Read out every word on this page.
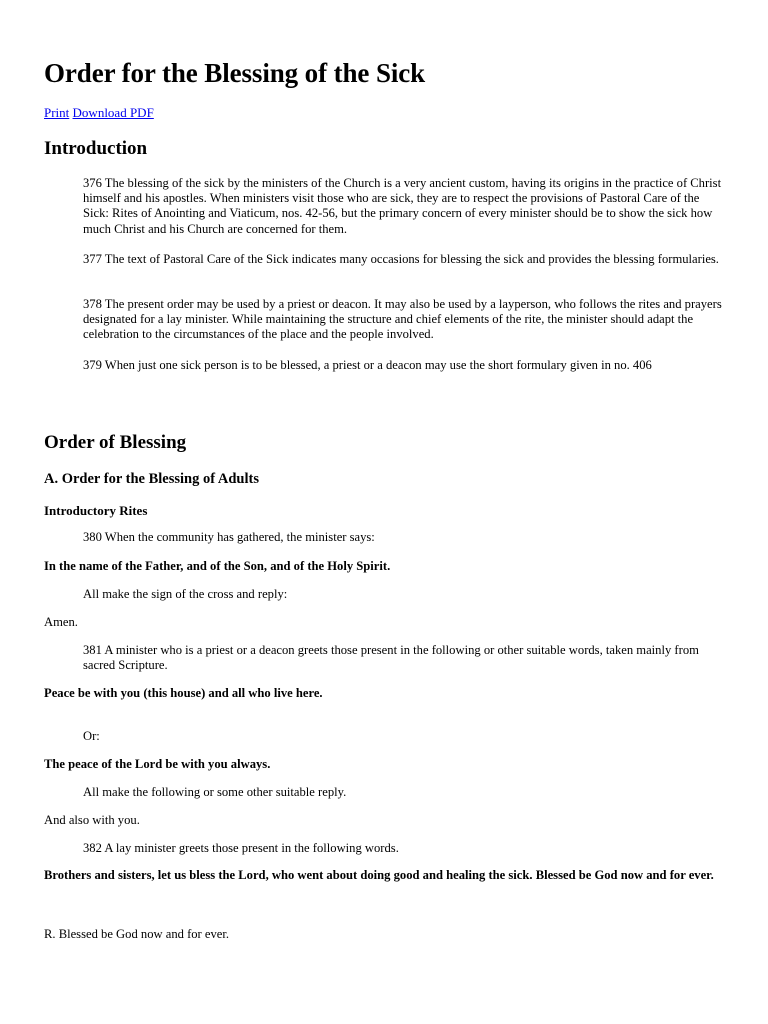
Order for the Blessing of the Sick
Print Download PDF
Introduction

376 The blessing of the sick by the ministers of the Church is a very ancient custom, having its origins in the practice of Christ himself and his apostles. When ministers visit those who are sick, they are to respect the provisions of Pastoral Care of the Sick: Rites of Anointing and Viaticum, nos. 42-56, but the primary concern of every minister should be to show the sick how much Christ and his Church are concerned for them.

377 The text of Pastoral Care of the Sick indicates many occasions for blessing the sick and provides the blessing formularies.

378 The present order may be used by a priest or deacon. It may also be used by a layperson, who follows the rites and prayers designated for a lay minister. While maintaining the structure and chief elements of the rite, the minister should adapt the celebration to the circumstances of the place and the people involved.

379 When just one sick person is to be blessed, a priest or a deacon may use the short formulary given in no. 406

Order of Blessing
A. Order for the Blessing of Adults
Introductory Rites

380 When the community has gathered, the minister says:

In the name of the Father, and of the Son, and of the Holy Spirit.

All make the sign of the cross and reply:

Amen.

381 A minister who is a priest or a deacon greets those present in the following or other suitable words, taken mainly from sacred Scripture.

Peace be with you (this house) and all who live here.

Or:

The peace of the Lord be with you always.

All make the following or some other suitable reply.

And also with you.

382 A lay minister greets those present in the following words.

Brothers and sisters, let us bless the Lord, who went about doing good and healing the sick. Blessed be God now and for ever.

R. Blessed be God now and for ever.
